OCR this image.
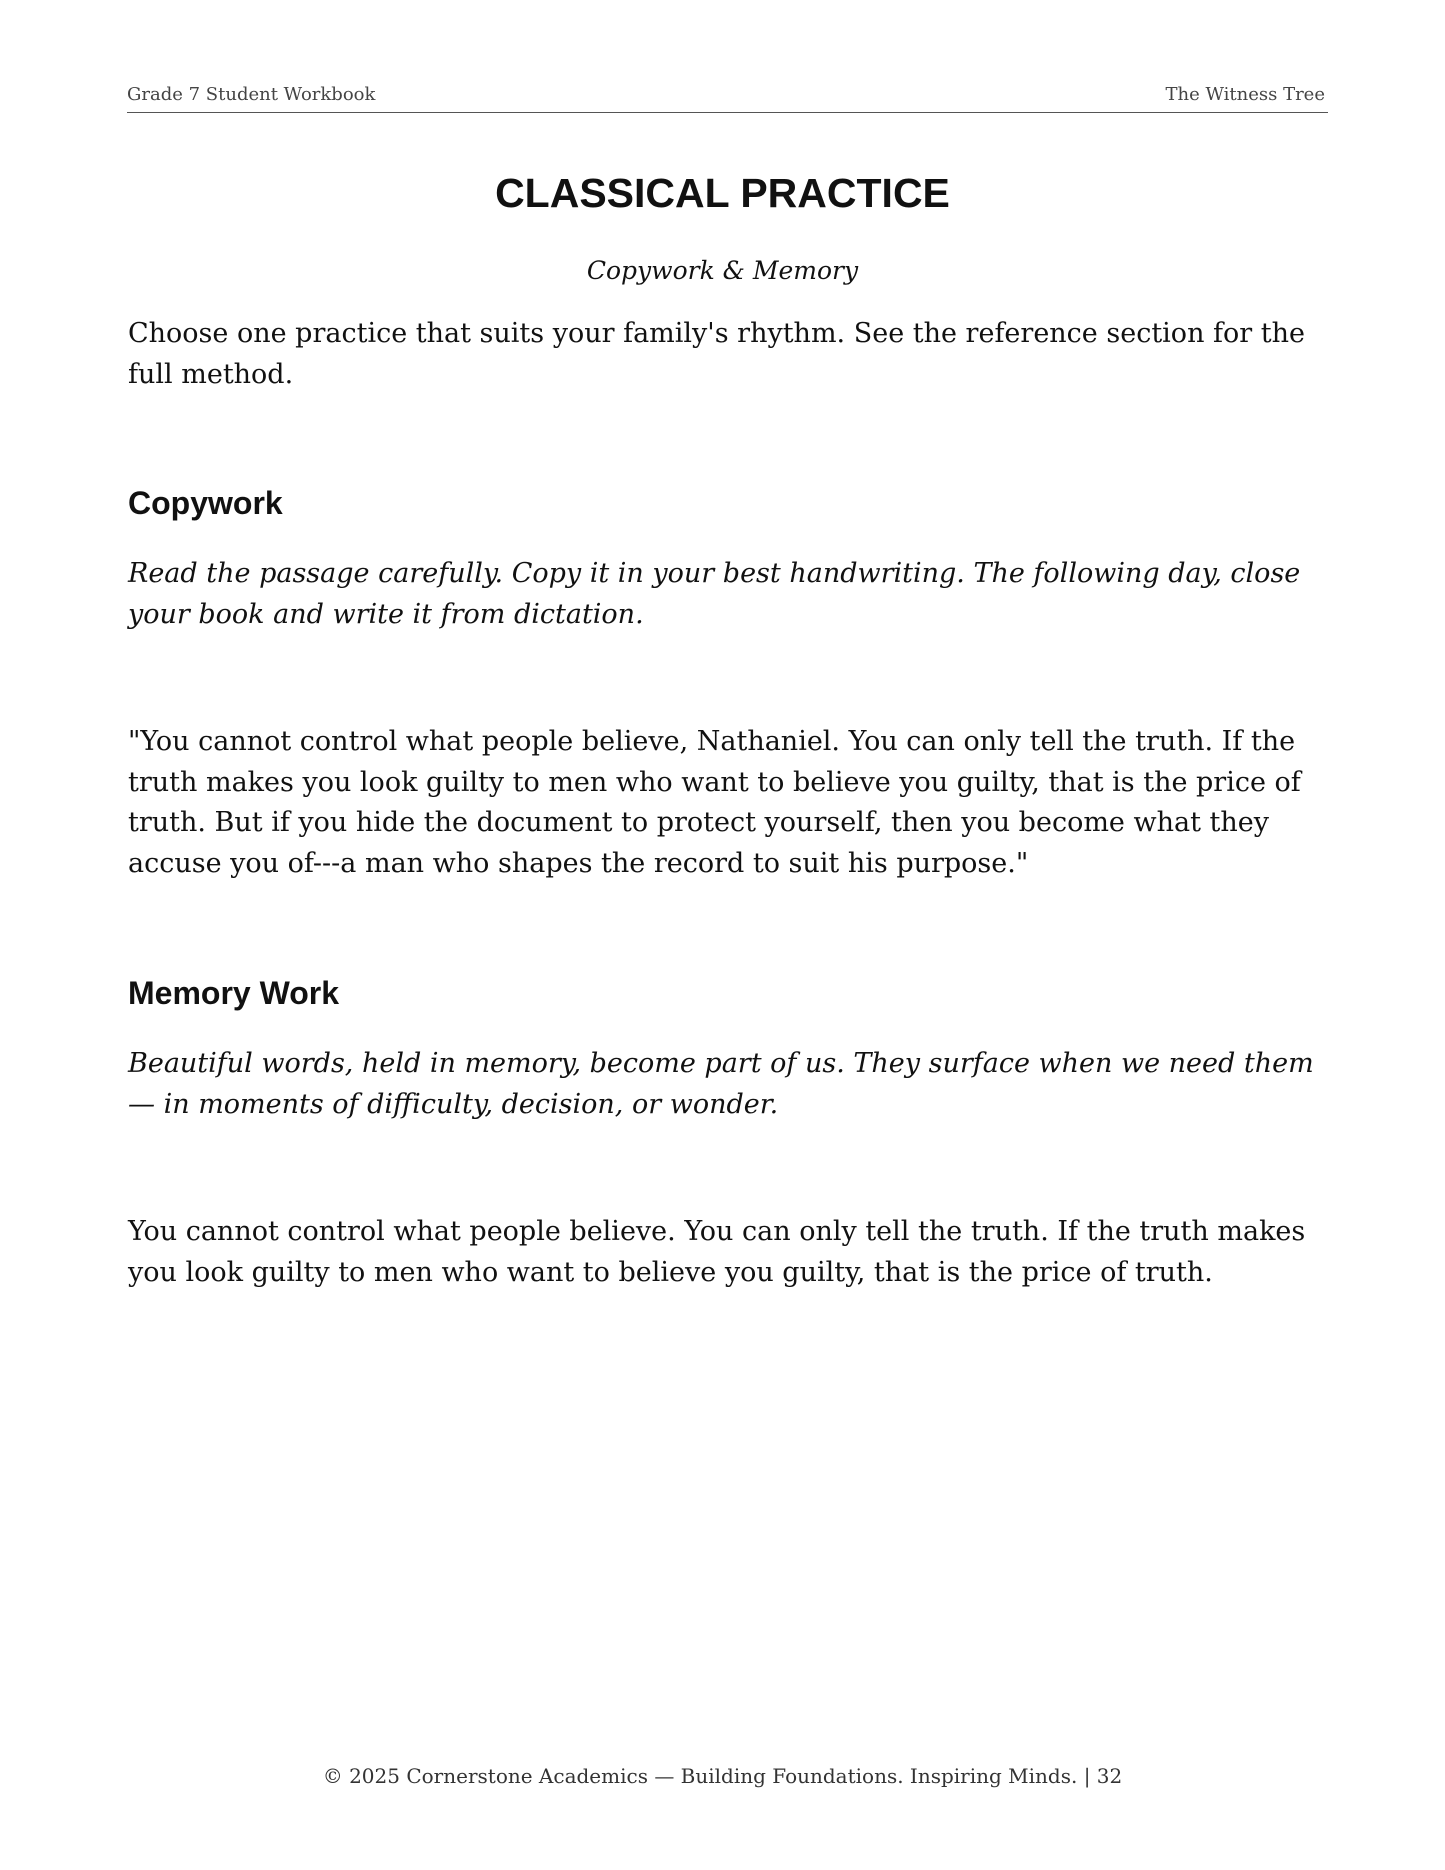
Grade 7 Student Workbook	The Witness Tree
CLASSICAL PRACTICE
Copywork & Memory

Choose one practice that suits your family's rhythm. See the reference section for the full method.

Copywork

Read the passage carefully. Copy it in your best handwriting. The following day, close your book and write it from dictation.

"You cannot control what people believe, Nathaniel. You can only tell the truth. If the truth makes you look guilty to men who want to believe you guilty, that is the price of truth. But if you hide the document to protect yourself, then you become what they accuse you of---a man who shapes the record to suit his purpose."

Memory Work

Beautiful words, held in memory, become part of us. They surface when we need them — in moments of difficulty, decision, or wonder.

You cannot control what people believe. You can only tell the truth. If the truth makes you look guilty to men who want to believe you guilty, that is the price of truth.

© 2025 Cornerstone Academics — Building Foundations. Inspiring Minds. | 32
